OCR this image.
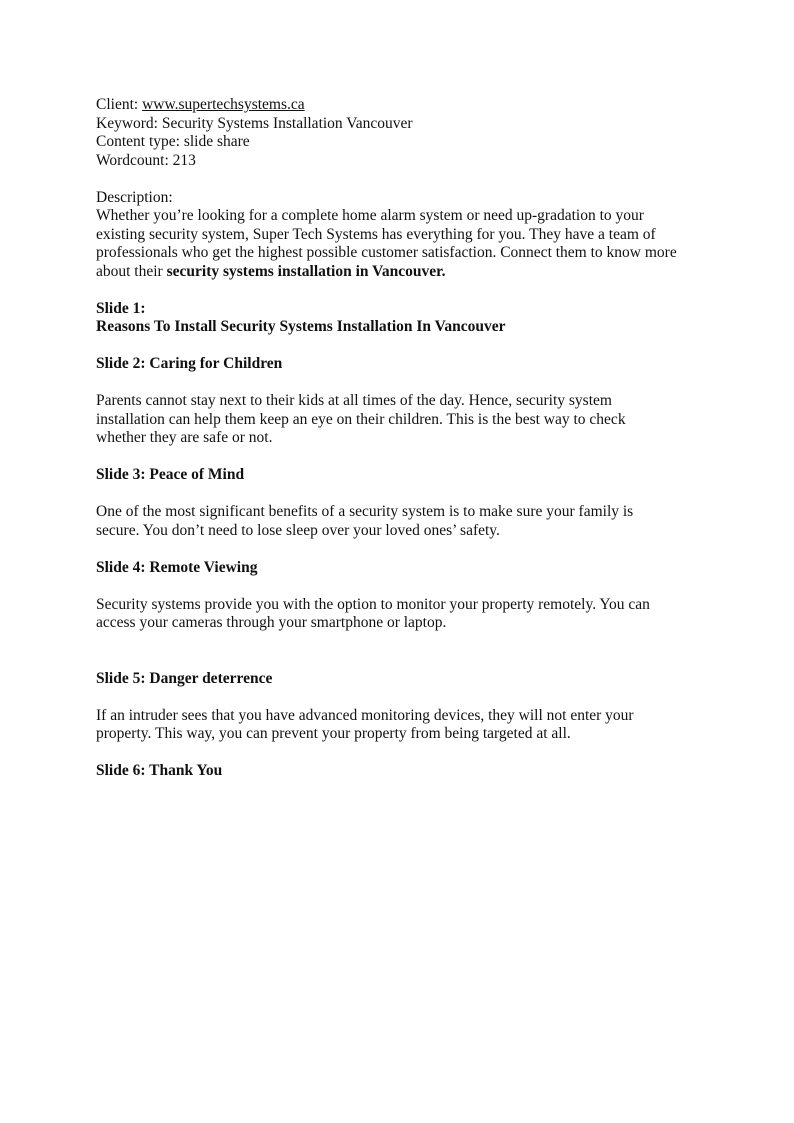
Client: www.supertechsystems.ca
Keyword: Security Systems Installation Vancouver
Content type: slide share
Wordcount: 213
Description:
Whether you’re looking for a complete home alarm system or need up-gradation to your
existing security system, Super Tech Systems has everything for you. They have a team of
professionals who get the highest possible customer satisfaction. Connect them to know more
about their security systems installation in Vancouver.
Slide 1:
Reasons To Install Security Systems Installation In Vancouver
Slide 2: Caring for Children
Parents cannot stay next to their kids at all times of the day. Hence, security system
installation can help them keep an eye on their children. This is the best way to check
whether they are safe or not.
Slide 3: Peace of Mind
One of the most significant benefits of a security system is to make sure your family is
secure. You don’t need to lose sleep over your loved ones’ safety.
Slide 4: Remote Viewing
Security systems provide you with the option to monitor your property remotely. You can
access your cameras through your smartphone or laptop.
Slide 5: Danger deterrence
If an intruder sees that you have advanced monitoring devices, they will not enter your
property. This way, you can prevent your property from being targeted at all.
Slide 6: Thank You
